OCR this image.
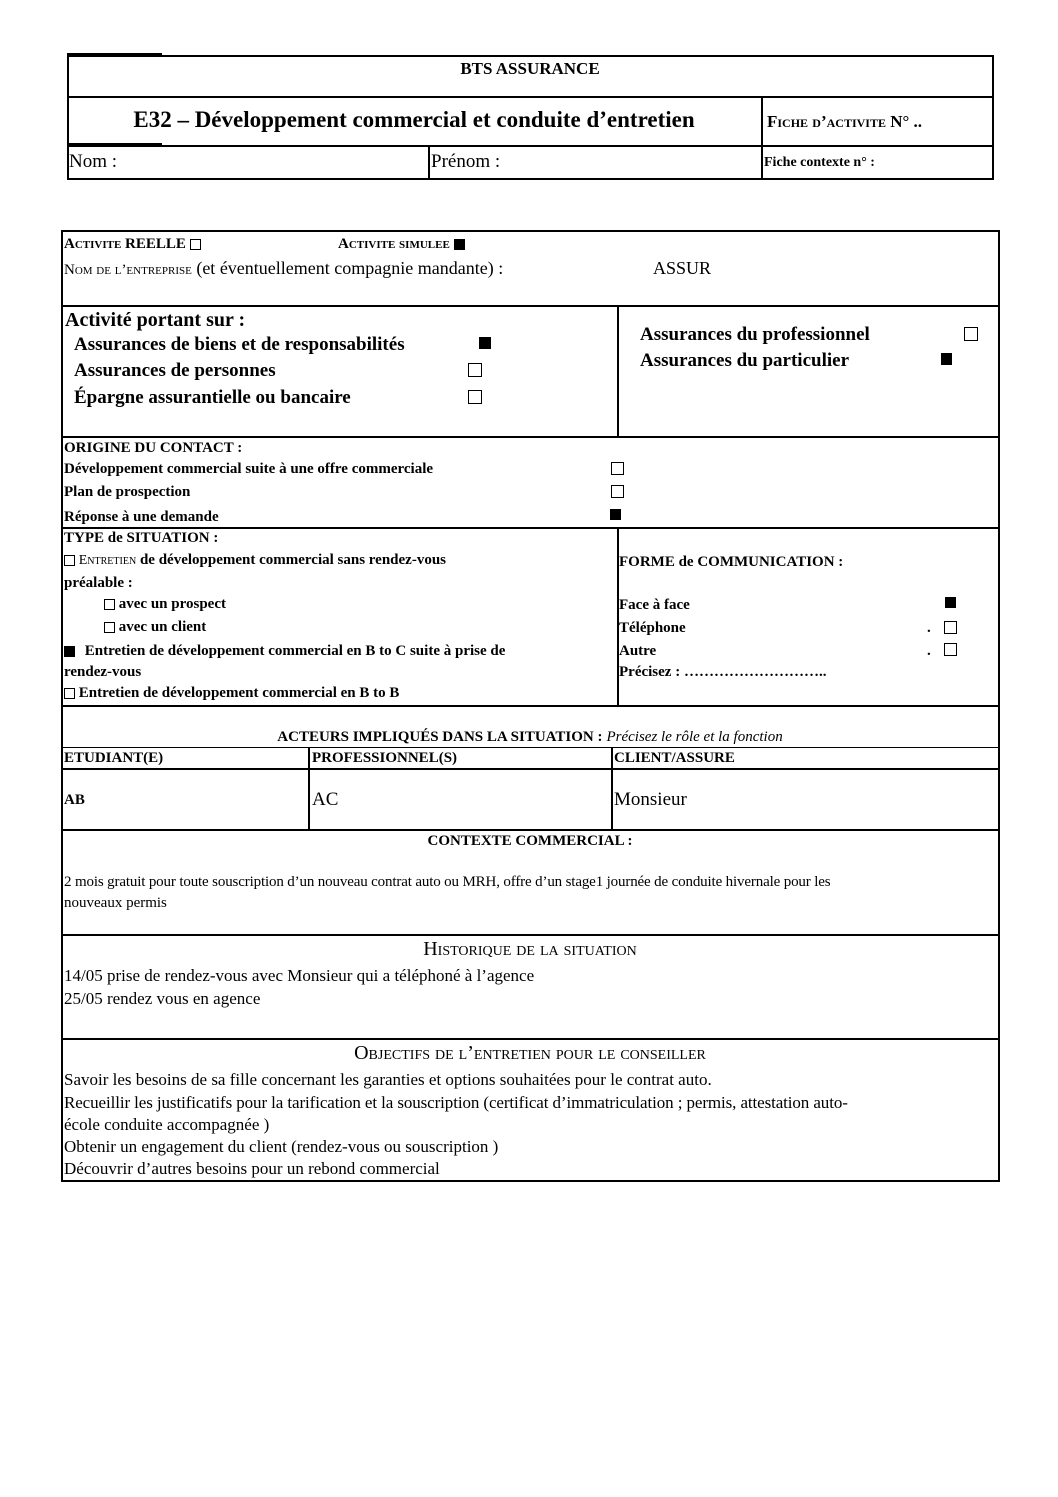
BTS ASSURANCE
E32 – Développement commercial et conduite d’entretien	Fiche d’activite N° ..
Nom :	Prénom :	Fiche contexte n° :
Activite REELLE	Activite simulee
Nom de l’entreprise (et éventuellement compagnie mandante) :	ASSUR
Activité portant sur :
Assurances de biens et de responsabilités
Assurances de personnes
Épargne assurantielle ou bancaire
Assurances du professionnel
Assurances du particulier
ORIGINE DU CONTACT :
Développement commercial suite à une offre commerciale
Plan de prospection
Réponse à une demande
TYPE de SITUATION :
Entretien de développement commercial sans rendez-vous
préalable :
avec un prospect
avec un client
Entretien de développement commercial en B to C suite à prise de
rendez-vous
Entretien de développement commercial en B to B
FORME de COMMUNICATION :
Face à face
Téléphone	.
Autre	.
Précisez : ………………………..
ACTEURS IMPLIQUÉS DANS LA SITUATION : Précisez le rôle et la fonction
ETUDIANT(E)	PROFESSIONNEL(S)	CLIENT/ASSURE
AB	AC	Monsieur
CONTEXTE COMMERCIAL :
2 mois gratuit pour toute souscription d’un nouveau contrat auto ou MRH, offre d’un stage1 journée de conduite hivernale pour les
nouveaux permis
Historique de la situation
14/05 prise de rendez-vous avec Monsieur qui a téléphoné à l’agence
25/05 rendez vous en agence
Objectifs de l’entretien pour le conseiller
Savoir les besoins de sa fille concernant les garanties et options souhaitées pour le contrat auto.
Recueillir les justificatifs pour la tarification et la souscription (certificat d’immatriculation ; permis, attestation auto-
école conduite accompagnée )
Obtenir un engagement du client (rendez-vous ou souscription )
Découvrir d’autres besoins pour un rebond commercial
